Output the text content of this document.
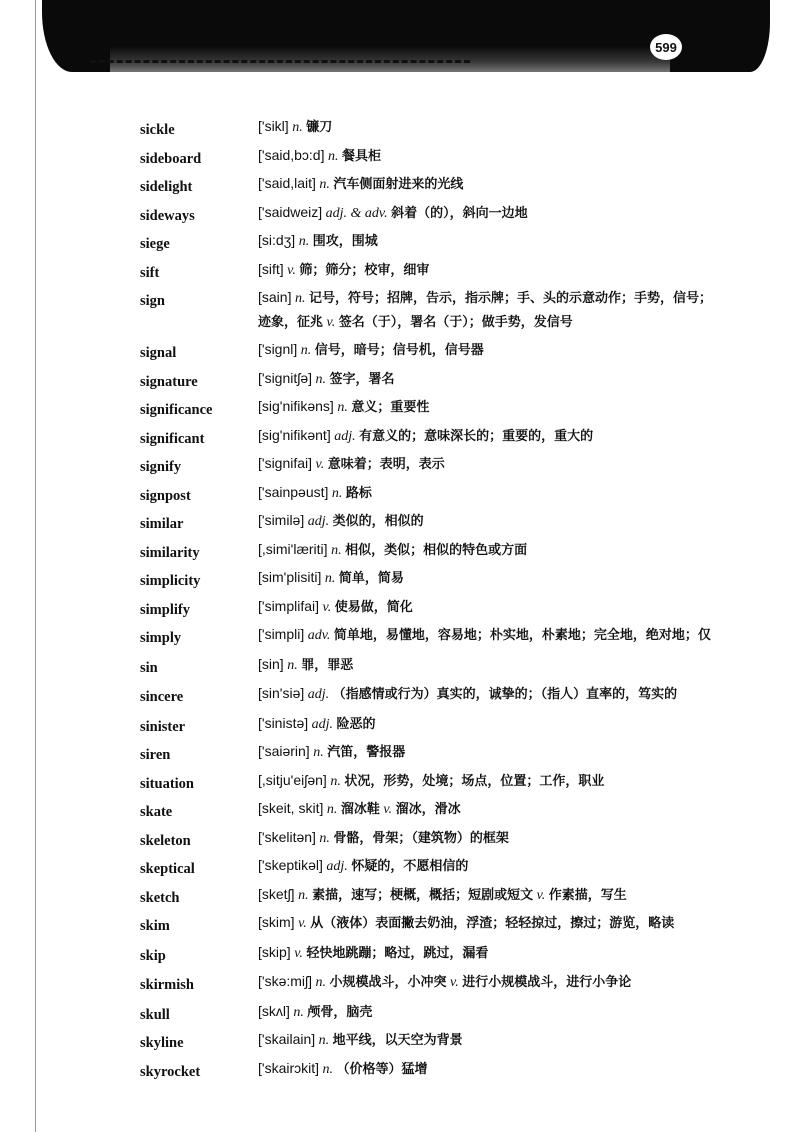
599
sickle	['sikl] n. 镰刀
sideboard	['said,bɔ:d] n. 餐具柜
sidelight	['said,lait] n. 汽车侧面射进来的光线
sideways	['saidweiz] adj. & adv. 斜着（的），斜向一边地
siege	[si:dʒ] n. 围攻，围城
sift	[sift] v. 筛；筛分；校审，细审
sign	[sain] n. 记号，符号；招牌，告示，指示牌；手、头的示意动作；手势，信号；迹象，征兆 v. 签名（于），署名（于）；做手势，发信号
signal	['signl] n. 信号，暗号；信号机，信号器
signature	['signitʃə] n. 签字，署名
significance	[sig'nifikəns] n. 意义；重要性
significant	[sig'nifikənt] adj. 有意义的；意味深长的；重要的，重大的
signify	['signifai] v. 意味着；表明，表示
signpost	['sainpəust] n. 路标
similar	['similə] adj. 类似的，相似的
similarity	[,simi'læriti] n. 相似，类似；相似的特色或方面
simplicity	[sim'plisiti] n. 简单，简易
simplify	['simplifai] v. 使易做，简化
simply	['simpli] adv. 简单地，易懂地，容易地；朴实地，朴素地；完全地，绝对地；仅
sin	[sin] n. 罪，罪恶
sincere	[sin'siə] adj. （指感情或行为）真实的，诚挚的；（指人）直率的，笃实的
sinister	['sinistə] adj. 险恶的
siren	['saiərin] n. 汽笛，警报器
situation	[,sitju'eiʃən] n. 状况，形势，处境；场点，位置；工作，职业
skate	[skeit, skit] n. 溜冰鞋 v. 溜冰，滑冰
skeleton	['skelitən] n. 骨骼，骨架；（建筑物）的框架
skeptical	['skeptikəl] adj. 怀疑的，不愿相信的
sketch	[sketʃ] n. 素描，速写；梗概，概括；短剧或短文 v. 作素描，写生
skim	[skim] v. 从（液体）表面撇去奶油，浮渣；轻轻掠过，擦过；游览，略读
skip	[skip] v. 轻快地跳蹦；略过，跳过，漏看
skirmish	['skə:miʃ] n. 小规模战斗，小冲突 v. 进行小规模战斗，进行小争论
skull	[skʌl] n. 颅骨，脑壳
skyline	['skailain] n. 地平线，以天空为背景
skyrocket	['skairɔkit] n. （价格等）猛增
